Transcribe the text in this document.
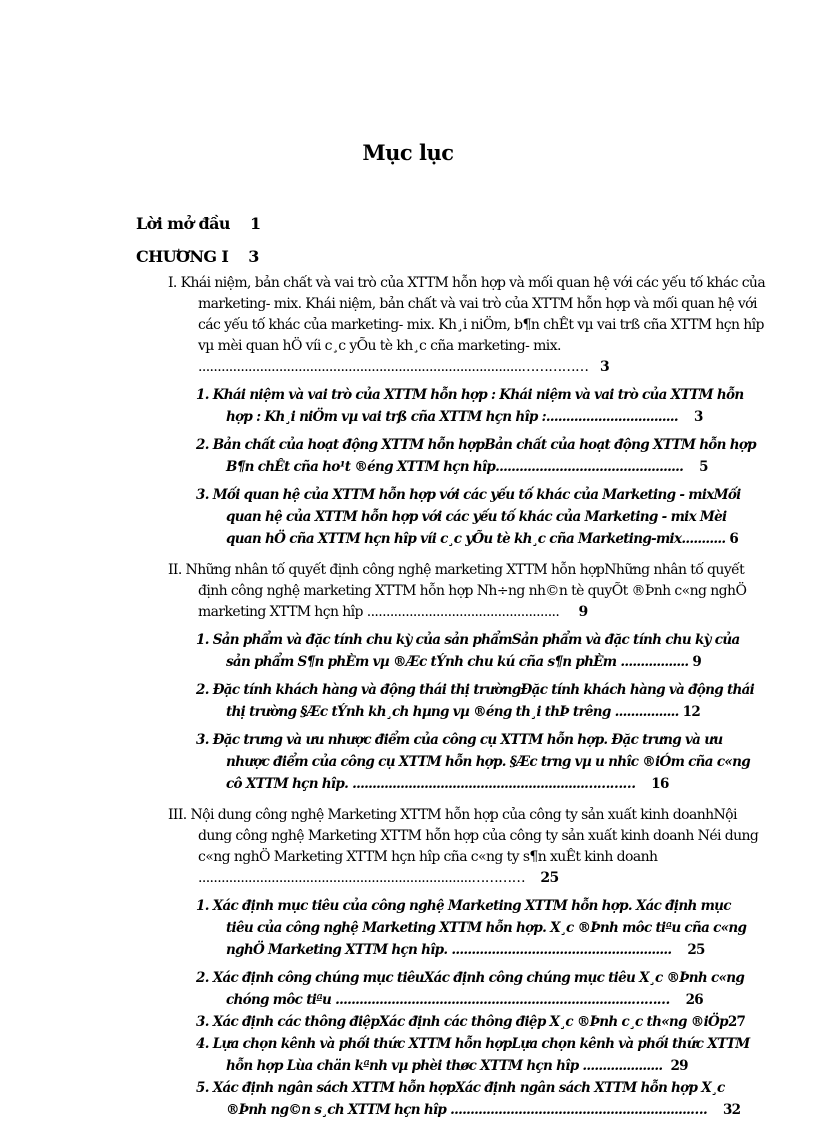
Mục lục
Lời mở đầu 1
CHƯƠNG I 3
I. Khái niệm, bản chất và vai trò của XTTM hỗn hợp và mối quan hệ với các yếu tố khác của marketing- mix. Khái niệm, bản chất và vai trò của XTTM hỗn hợp và mối quan hệ với các yếu tố khác của marketing- mix. Kh¸i niÖm, b¶n chÊt vµ vai trß cña XTTM hçn hîp vµ mèi quan hÖ víi c¸c yÕu tè kh¸c cña marketing- mix. ....................................................................................…………… 3
1. Khái niệm và vai trò của XTTM hỗn hợp : Khái niệm và vai trò của XTTM hỗn hợp : Kh¸i niÖm vµ vai trß cña XTTM hçn hîp :................................. 3
2. Bản chất của hoạt động XTTM hỗn hợpBản chất của hoạt động XTTM hỗn hợp B¶n chÊt cña ho¹t ®éng XTTM hçn hîp............................................... 5
3. Mối quan hệ của XTTM hỗn hợp với các yếu tố khác của Marketing - mixMối quan hệ của XTTM hỗn hợp với các yếu tố khác của Marketing - mix Mèi quan hÖ cña XTTM hçn hîp víi c¸c yÕu tè kh¸c cña Marketing-mix........... 6
II. Những nhân tố quyết định công nghệ marketing XTTM hỗn hợpNhững nhân tố quyết định công nghệ marketing XTTM hỗn hợp Nh÷ng nh©n tè quyÕt ®Þnh c«ng nghÖ marketing XTTM hçn hîp .................................................. 9
1. Sản phẩm và đặc tính chu kỳ của sản phẩmSản phẩm và đặc tính chu kỳ của sản phẩm S¶n phÈm vµ ®Æc tÝnh chu kú cña s¶n phÈm ................. 9
2. Đặc tính khách hàng và động thái thị trườngĐặc tính khách hàng và động thái thị trường §Æc tÝnh kh¸ch hµng vµ ®éng th¸i thÞ trêng ................ 12
3. Đặc trưng và ưu nhược điểm của công cụ XTTM hỗn hợp. Đặc trưng và ưu nhược điểm của công cụ XTTM hỗn hợp. §Æc trng vµ u nhîc ®iÓm cña c«ng cô XTTM hçn hîp. ..........................................................………… 16
III. Nội dung công nghệ Marketing XTTM hỗn hợp của công ty sản xuất kinh doanhNội dung công nghệ Marketing XTTM hỗn hợp của công ty sản xuất kinh doanh Néi dung c«ng nghÖ Marketing XTTM hçn hîp cña c«ng ty s¶n xuÊt kinh doanh .......................................................................………… 25
1. Xác định mục tiêu của công nghệ Marketing XTTM hỗn hợp. Xác định mục tiêu của công nghệ Marketing XTTM hỗn hợp. X¸c ®Þnh môc tiªu cña c«ng nghÖ Marketing XTTM hçn hîp. ....................................................... 25
2. Xác định công chúng mục tiêuXác định công chúng mục tiêu X¸c ®Þnh c«ng chóng môc tiªu ..........................................................................……… 26
3. Xác định các thông điệpXác định các thông điệp X¸c ®Þnh c¸c th«ng ®iÖp27
4. Lựa chọn kênh và phối thức XTTM hỗn hợpLựa chọn kênh và phối thức XTTM hỗn hợp Lùa chän kªnh vµ phèi thøc XTTM hçn hîp .................... 29
5. Xác định ngân sách XTTM hỗn hợpXác định ngân sách XTTM hỗn hợp X¸c ®Þnh ng©n s¸ch XTTM hçn hîp ............................................................…. 32
